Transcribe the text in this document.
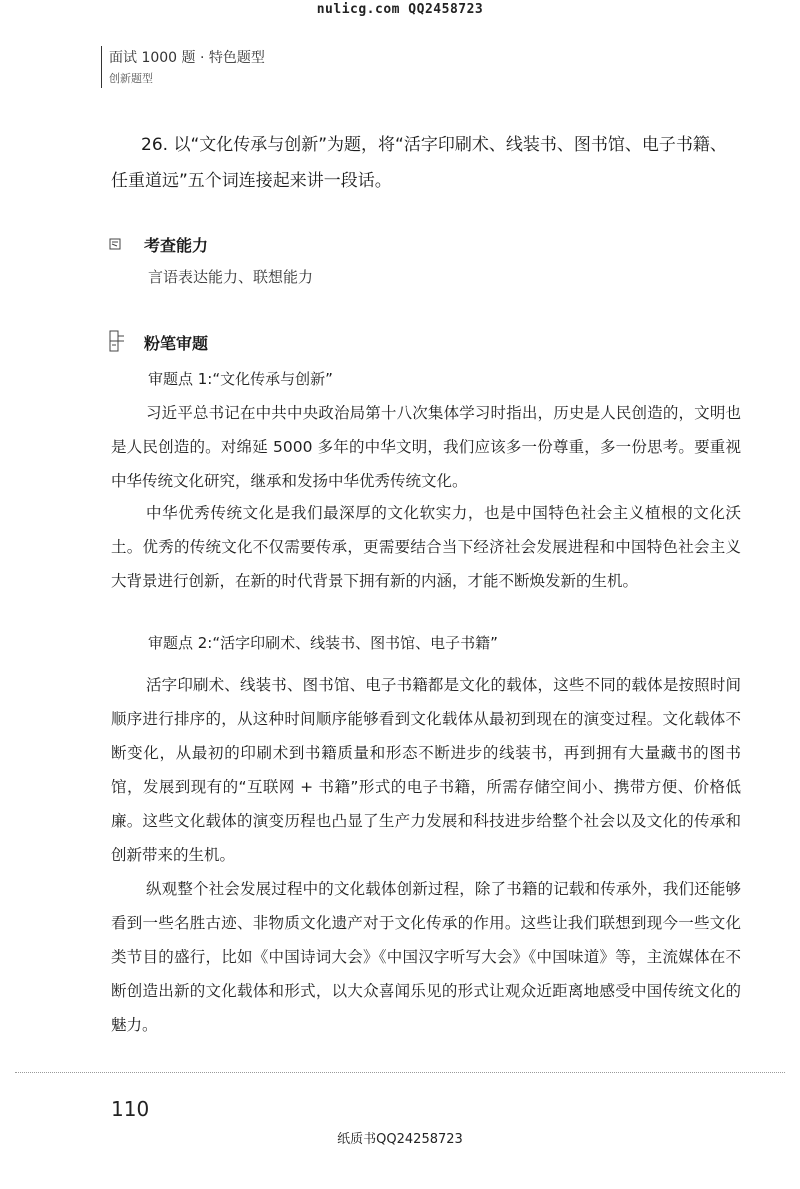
nulicg.com QQ2458723
面试 1000 题 · 特色题型
创新题型
26. 以“文化传承与创新”为题，将“活字印刷术、线装书、图书馆、电子书籍、任重道远”五个词连接起来讲一段话。
考查能力
言语表达能力、联想能力
粉笔审题
审题点 1:“文化传承与创新”
习近平总书记在中共中央政治局第十八次集体学习时指出，历史是人民创造的，文明也是人民创造的。对绵延 5000 多年的中华文明，我们应该多一份尊重，多一份思考。要重视中华传统文化研究，继承和发扬中华优秀传统文化。
中华优秀传统文化是我们最深厚的文化软实力，也是中国特色社会主义植根的文化沃土。优秀的传统文化不仅需要传承，更需要结合当下经济社会发展进程和中国特色社会主义大背景进行创新，在新的时代背景下拥有新的内涵，才能不断焕发新的生机。
审题点 2:“活字印刷术、线装书、图书馆、电子书籍”
活字印刷术、线装书、图书馆、电子书籍都是文化的载体，这些不同的载体是按照时间顺序进行排序的，从这种时间顺序能够看到文化载体从最初到现在的演变过程。文化载体不断变化，从最初的印刷术到书籍质量和形态不断进步的线装书，再到拥有大量藏书的图书馆，发展到现有的“互联网 + 书籍”形式的电子书籍，所需存储空间小、携带方便、价格低廉。这些文化载体的演变历程也凸显了生产力发展和科技进步给整个社会以及文化的传承和创新带来的生机。
纵观整个社会发展过程中的文化载体创新过程，除了书籍的记载和传承外，我们还能够看到一些名胜古迹、非物质文化遗产对于文化传承的作用。这些让我们联想到现今一些文化类节目的盛行，比如《中国诗词大会》《中国汉字听写大会》《中国味道》等，主流媒体在不断创造出新的文化载体和形式，以大众喜闻乐见的形式让观众近距离地感受中国传统文化的魅力。
110
纸质书QQ24258723
